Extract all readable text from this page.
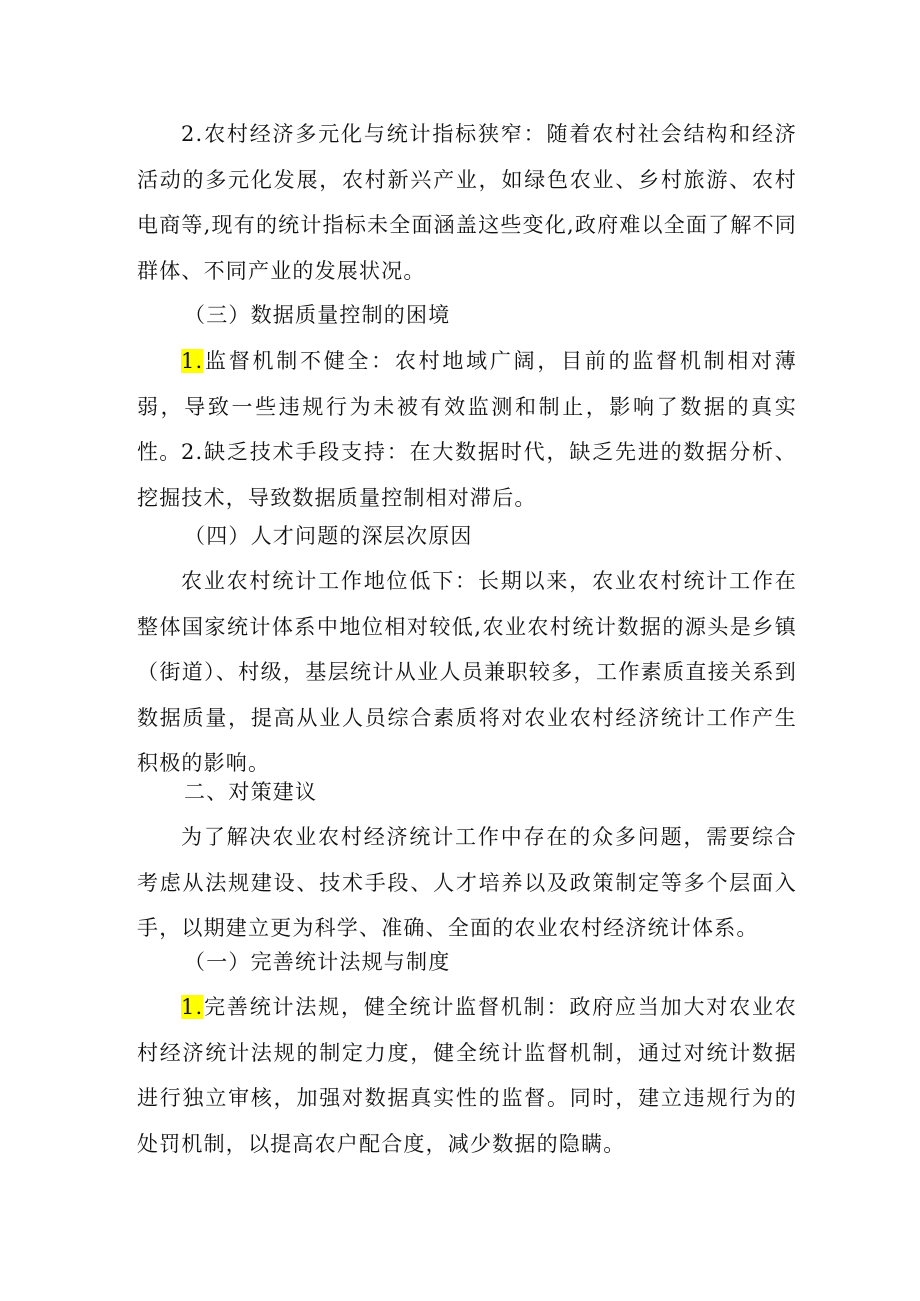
2.农村经济多元化与统计指标狭窄：随着农村社会结构和经济活动的多元化发展，农村新兴产业，如绿色农业、乡村旅游、农村电商等,现有的统计指标未全面涵盖这些变化,政府难以全面了解不同群体、不同产业的发展状况。

（三）数据质量控制的困境

1.监督机制不健全：农村地域广阔，目前的监督机制相对薄弱，导致一些违规行为未被有效监测和制止，影响了数据的真实性。 2.缺乏技术手段支持：在大数据时代，缺乏先进的数据分析、挖掘技术，导致数据质量控制相对滞后。

（四）人才问题的深层次原因

农业农村统计工作地位低下：长期以来，农业农村统计工作在整体国家统计体系中地位相对较低,农业农村统计数据的源头是乡镇（街道）、村级，基层统计从业人员兼职较多，工作素质直接关系到数据质量，提高从业人员综合素质将对农业农村经济统计工作产生积极的影响。

二、对策建议

为了解决农业农村经济统计工作中存在的众多问题，需要综合考虑从法规建设、技术手段、人才培养以及政策制定等多个层面入手，以期建立更为科学、准确、全面的农业农村经济统计体系。

（一）完善统计法规与制度

1.完善统计法规，健全统计监督机制：政府应当加大对农业农村经济统计法规的制定力度，健全统计监督机制，通过对统计数据进行独立审核，加强对数据真实性的监督。同时，建立违规行为的处罚机制，以提高农户配合度，减少数据的隐瞒。
